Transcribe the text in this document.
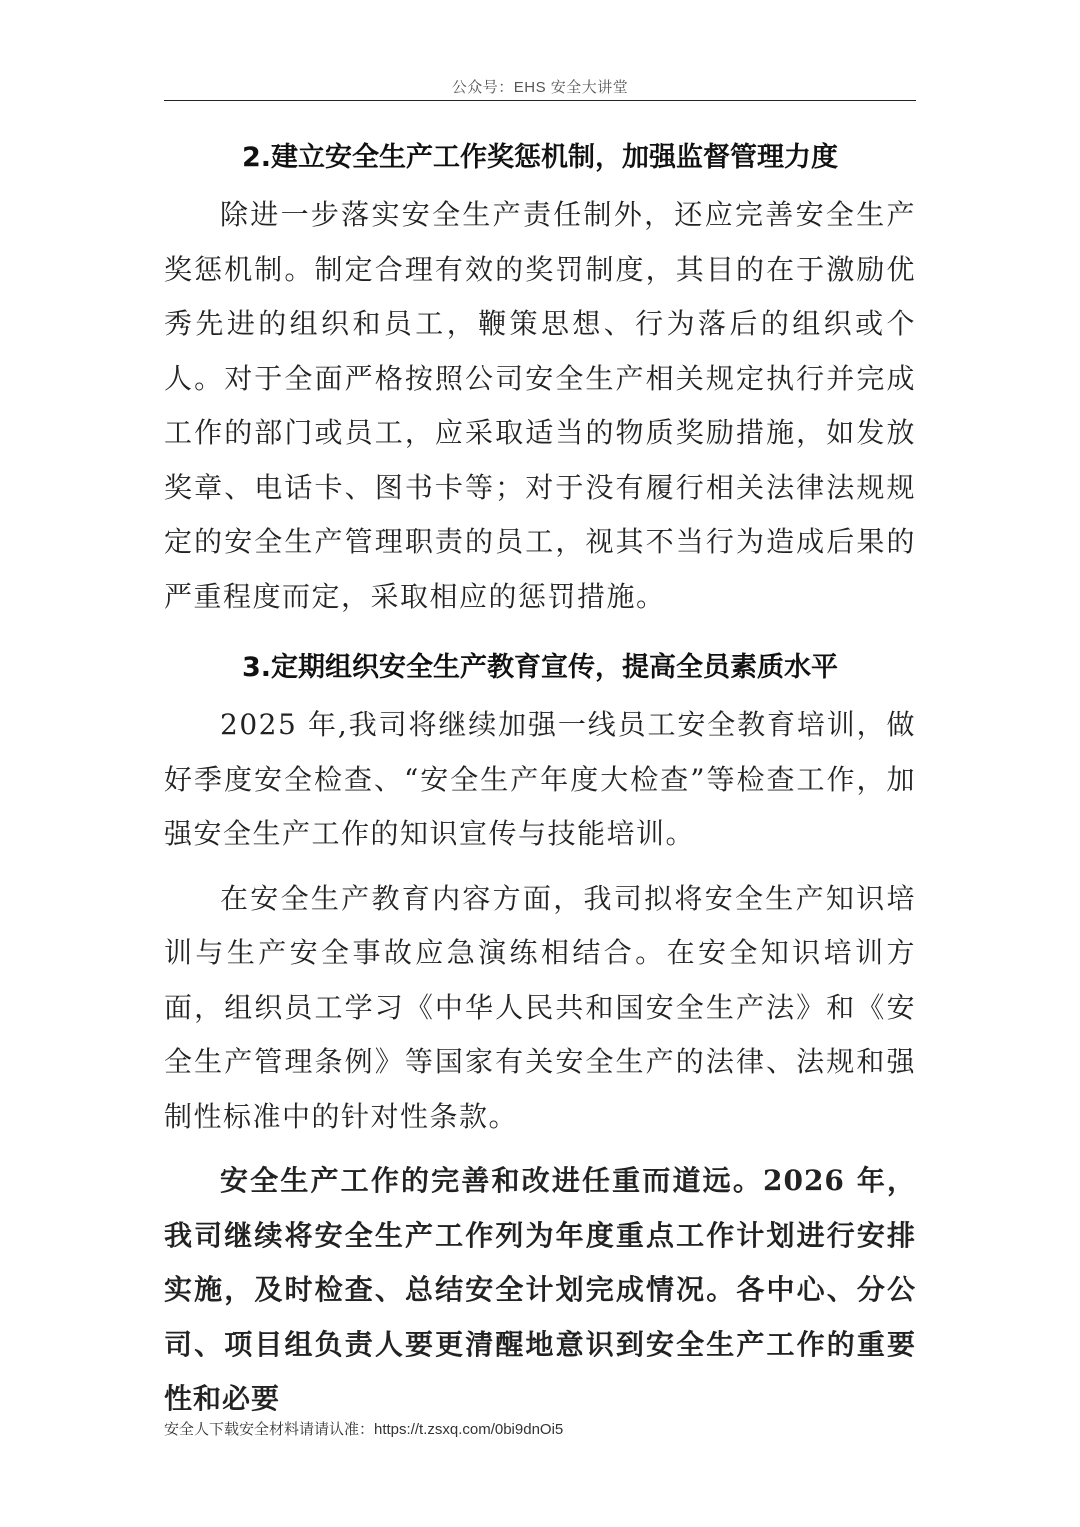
公众号：EHS 安全大讲堂
2.建立安全生产工作奖惩机制，加强监督管理力度

除进一步落实安全生产责任制外，还应完善安全生产奖惩机制。制定合理有效的奖罚制度，其目的在于激励优秀先进的组织和员工，鞭策思想、行为落后的组织或个人。对于全面严格按照公司安全生产相关规定执行并完成工作的部门或员工，应采取适当的物质奖励措施，如发放奖章、电话卡、图书卡等；对于没有履行相关法律法规规定的安全生产管理职责的员工，视其不当行为造成后果的严重程度而定，采取相应的惩罚措施。

3.定期组织安全生产教育宣传，提高全员素质水平

2025 年,我司将继续加强一线员工安全教育培训，做好季度安全检查、“安全生产年度大检查”等检查工作，加强安全生产工作的知识宣传与技能培训。

在安全生产教育内容方面，我司拟将安全生产知识培训与生产安全事故应急演练相结合。在安全知识培训方面，组织员工学习《中华人民共和国安全生产法》和《安全生产管理条例》等国家有关安全生产的法律、法规和强制性标准中的针对性条款。

安全生产工作的完善和改进任重而道远。2026 年，我司继续将安全生产工作列为年度重点工作计划进行安排实施，及时检查、总结安全计划完成情况。各中心、分公司、项目组负责人要更清醒地意识到安全生产工作的重要性和必要

安全人下载安全材料请请认准：https://t.zsxq.com/0bi9dnOi5
